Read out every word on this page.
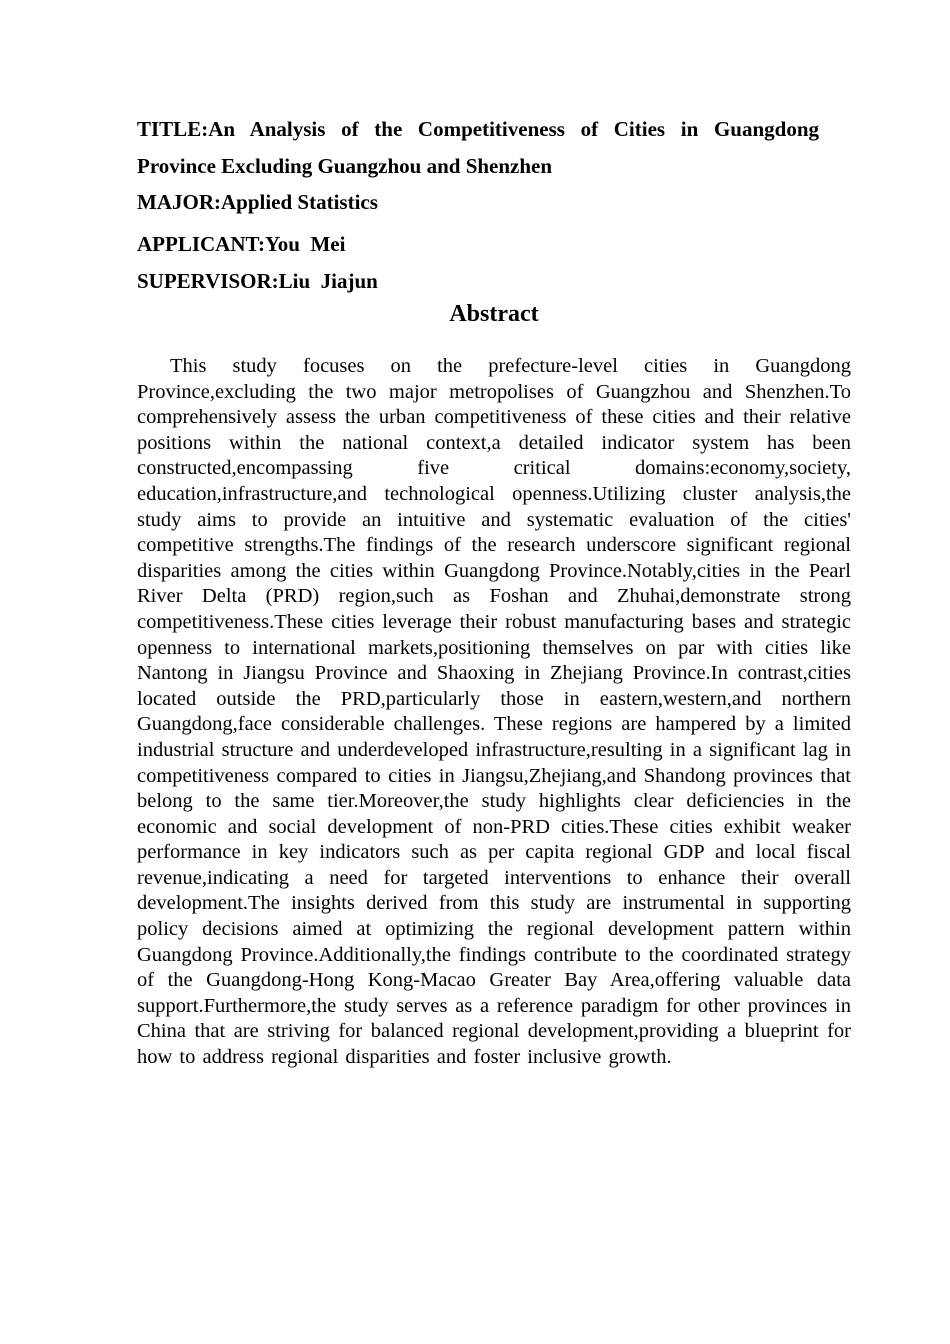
TITLE:An Analysis of the Competitiveness of Cities in Guangdong
Province Excluding Guangzhou and Shenzhen
MAJOR:Applied Statistics
APPLICANT:You  Mei
SUPERVISOR:Liu  Jiajun
Abstract
This study focuses on the prefecture-level cities in Guangdong Province,excluding the two major metropolises of Guangzhou and Shenzhen.To comprehensively assess the urban competitiveness of these cities and their relative positions within the national context,a detailed indicator system has been constructed,encompassing five critical domains:economy,society, education,infrastructure,and technological openness.Utilizing cluster analysis,the study aims to provide an intuitive and systematic evaluation of the cities' competitive strengths.The findings of the research underscore significant regional disparities among the cities within Guangdong Province.Notably,cities in the Pearl River Delta (PRD) region,such as Foshan and Zhuhai,demonstrate strong competitiveness.These cities leverage their robust manufacturing bases and strategic openness to international markets,positioning themselves on par with cities like Nantong in Jiangsu Province and Shaoxing in Zhejiang Province.In contrast,cities located outside the PRD,particularly those in eastern,western,and northern Guangdong,face considerable challenges. These regions are hampered by a limited industrial structure and underdeveloped infrastructure,resulting in a significant lag in competitiveness compared to cities in Jiangsu,Zhejiang,and Shandong provinces that belong to the same tier.Moreover,the study highlights clear deficiencies in the economic and social development of non-PRD cities.These cities exhibit weaker performance in key indicators such as per capita regional GDP and local fiscal revenue,indicating a need for targeted interventions to enhance their overall development.The insights derived from this study are instrumental in supporting policy decisions aimed at optimizing the regional development pattern within Guangdong Province.Additionally,the findings contribute to the coordinated strategy of the Guangdong-Hong Kong-Macao Greater Bay Area,offering valuable data support.Furthermore,the study serves as a reference paradigm for other provinces in China that are striving for balanced regional development,providing a blueprint for how to address regional disparities and foster inclusive growth.
